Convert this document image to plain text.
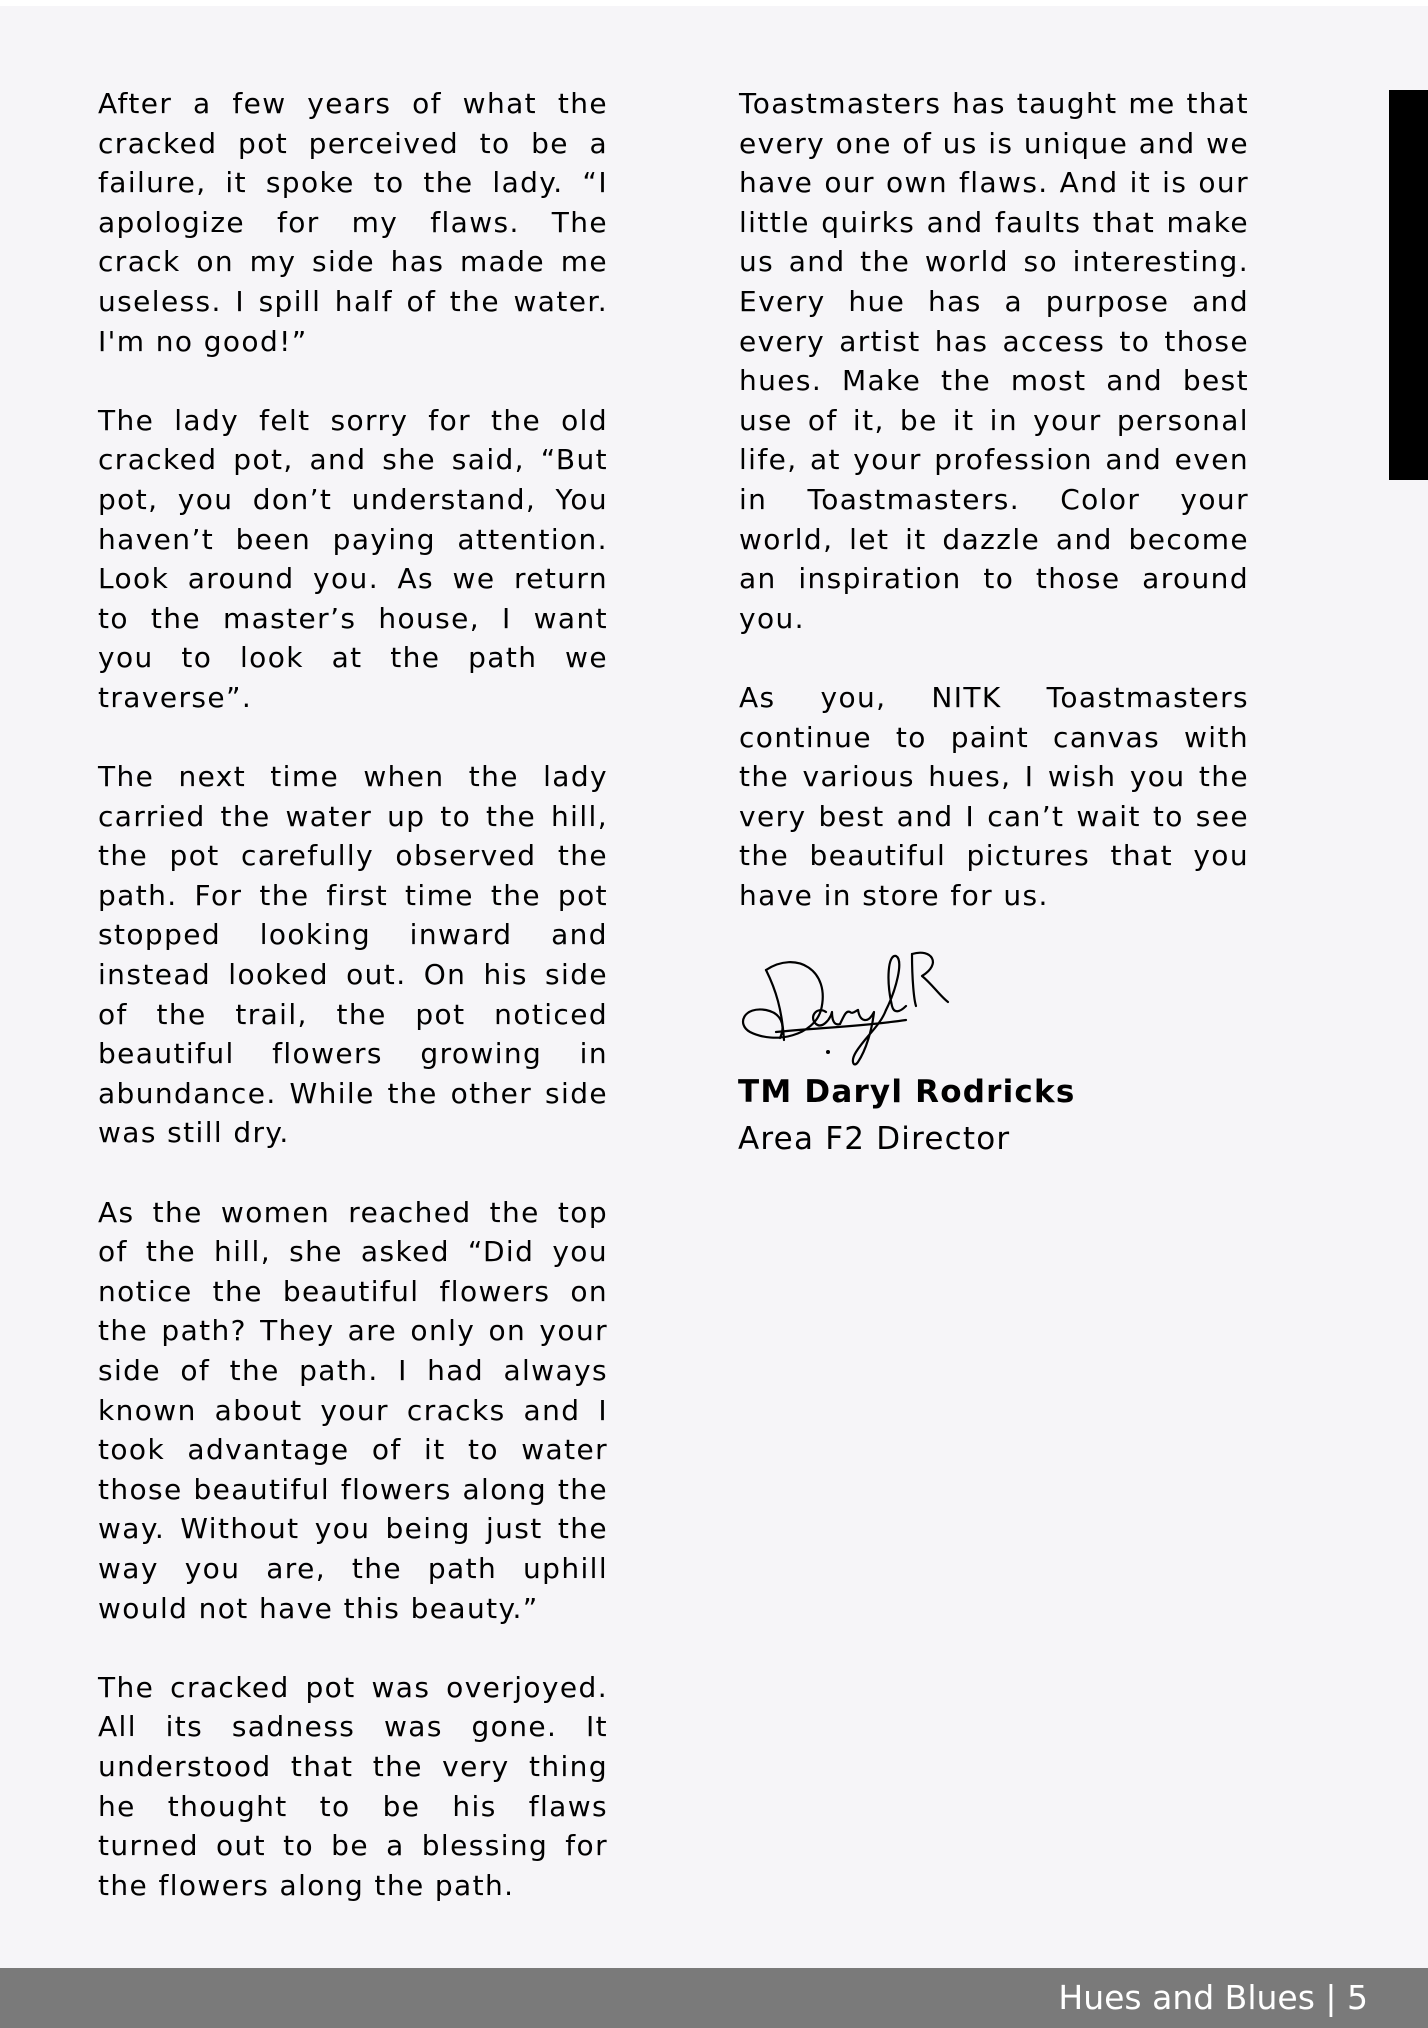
After a few years of what the cracked pot perceived to be a failure, it spoke to the lady. “I apologize for my flaws. The crack on my side has made me useless. I spill half of the water. I'm no good!”

The lady felt sorry for the old cracked pot, and she said, “But pot, you don’t understand, You haven’t been paying attention. Look around you. As we return to the master’s house, I want you to look at the path we traverse”.

The next time when the lady carried the water up to the hill, the pot carefully observed the path. For the first time the pot stopped looking inward and instead looked out. On his side of the trail, the pot noticed beautiful flowers growing in abundance. While the other side was still dry.

As the women reached the top of the hill, she asked “Did you notice the beautiful flowers on the path? They are only on your side of the path. I had always known about your cracks and I took advantage of it to water those beautiful flowers along the way. Without you being just the way you are, the path uphill would not have this beauty.”

The cracked pot was overjoyed. All its sadness was gone. It understood that the very thing he thought to be his flaws turned out to be a blessing for the flowers along the path.

Toastmasters has taught me that every one of us is unique and we have our own flaws. And it is our little quirks and faults that make us and the world so interesting. Every hue has a purpose and every artist has access to those hues. Make the most and best use of it, be it in your personal life, at your profession and even in Toastmasters. Color your world, let it dazzle and become an inspiration to those around you.

As you, NITK Toastmasters continue to paint canvas with the various hues, I wish you the very best and I can’t wait to see the beautiful pictures that you have in store for us.

TM Daryl Rodricks
Area F2 Director
Hues and Blues | 5
